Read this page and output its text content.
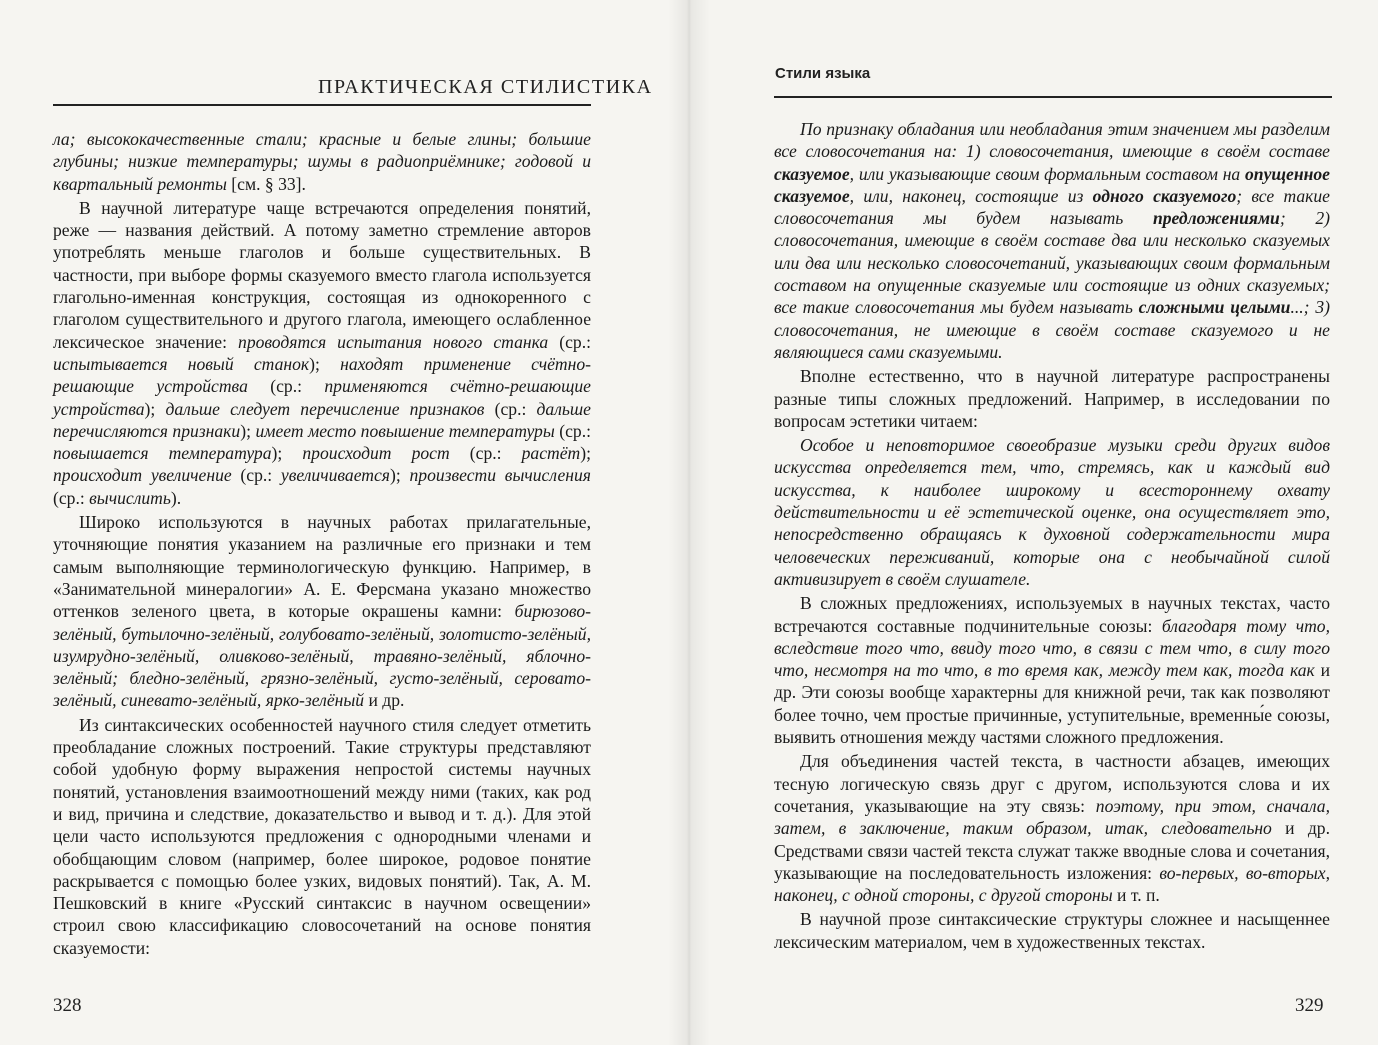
ПРАКТИЧЕСКАЯ СТИЛИСТИКА

ла; высококачественные стали; красные и белые глины; большие глубины; низкие температуры; шумы в радиоприёмнике; годовой и квартальный ремонты [см. § 33].

В научной литературе чаще встречаются определения понятий, реже — названия действий. А потому заметно стремление авторов употреблять меньше глаголов и больше существительных. В частности, при выборе формы сказуемого вместо глагола используется глагольно-именная конструкция, состоящая из однокоренного с глаголом существительного и другого глагола, имеющего ослабленное лексическое значение: проводятся испытания нового станка (ср.: испытывается новый станок); находят применение счётно-решающие устройства (ср.: применяются счётно-решающие устройства); дальше следует перечисление признаков (ср.: дальше перечисляются признаки); имеет место повышение температуры (ср.: повышается температура); происходит рост (ср.: растёт); происходит увеличение (ср.: увеличивается); произвести вычисления (ср.: вычислить).

Широко используются в научных работах прилагательные, уточняющие понятия указанием на различные его признаки и тем самым выполняющие терминологическую функцию. Например, в «Занимательной минералогии» А. Е. Ферсмана указано множество оттенков зеленого цвета, в которые окрашены камни: бирюзово-зелёный, бутылочно-зелёный, голубовато-зелёный, золотисто-зелёный, изумрудно-зелёный, оливково-зелёный, травяно-зелёный, яблочно-зелёный; бледно-зелёный, грязно-зелёный, густо-зелёный, серовато-зелёный, синевато-зелёный, ярко-зелёный и др.

Из синтаксических особенностей научного стиля следует отметить преобладание сложных построений. Такие структуры представляют собой удобную форму выражения непростой системы научных понятий, установления взаимоотношений между ними (таких, как род и вид, причина и следствие, доказательство и вывод и т. д.). Для этой цели часто используются предложения с однородными членами и обобщающим словом (например, более широкое, родовое понятие раскрывается с помощью более узких, видовых понятий). Так, А. М. Пешковский в книге «Русский синтаксис в научном освещении» строил свою классификацию словосочетаний на основе понятия сказуемости:

328
Стили языка

По признаку обладания или необладания этим значением мы разделим все словосочетания на: 1) словосочетания, имеющие в своём составе сказуемое, или указывающие своим формальным составом на опущенное сказуемое, или, наконец, состоящие из одного сказуемого; все такие словосочетания мы будем называть предложениями; 2) словосочетания, имеющие в своём составе два или несколько сказуемых или два или несколько словосочетаний, указывающих своим формальным составом на опущенные сказуемые или состоящие из одних сказуемых; все такие словосочетания мы будем называть сложными целыми...; 3) словосочетания, не имеющие в своём составе сказуемого и не являющиеся сами сказуемыми.

Вполне естественно, что в научной литературе распространены разные типы сложных предложений. Например, в исследовании по вопросам эстетики читаем:

Особое и неповторимое своеобразие музыки среди других видов искусства определяется тем, что, стремясь, как и каждый вид искусства, к наиболее широкому и всестороннему охвату действительности и её эстетической оценке, она осуществляет это, непосредственно обращаясь к духовной содержательности мира человеческих переживаний, которые она с необычайной силой активизирует в своём слушателе.

В сложных предложениях, используемых в научных текстах, часто встречаются составные подчинительные союзы: благодаря тому что, вследствие того что, ввиду того что, в связи с тем что, в силу того что, несмотря на то что, в то время как, между тем как, тогда как и др. Эти союзы вообще характерны для книжной речи, так как позволяют более точно, чем простые причинные, уступительные, временны́е союзы, выявить отношения между частями сложного предложения.

Для объединения частей текста, в частности абзацев, имеющих тесную логическую связь друг с другом, используются слова и их сочетания, указывающие на эту связь: поэтому, при этом, сначала, затем, в заключение, таким образом, итак, следовательно и др. Средствами связи частей текста служат также вводные слова и сочетания, указывающие на последовательность изложения: во-первых, во-вторых, наконец, с одной стороны, с другой стороны и т. п.

В научной прозе синтаксические структуры сложнее и насыщеннее лексическим материалом, чем в художественных текстах.

329
